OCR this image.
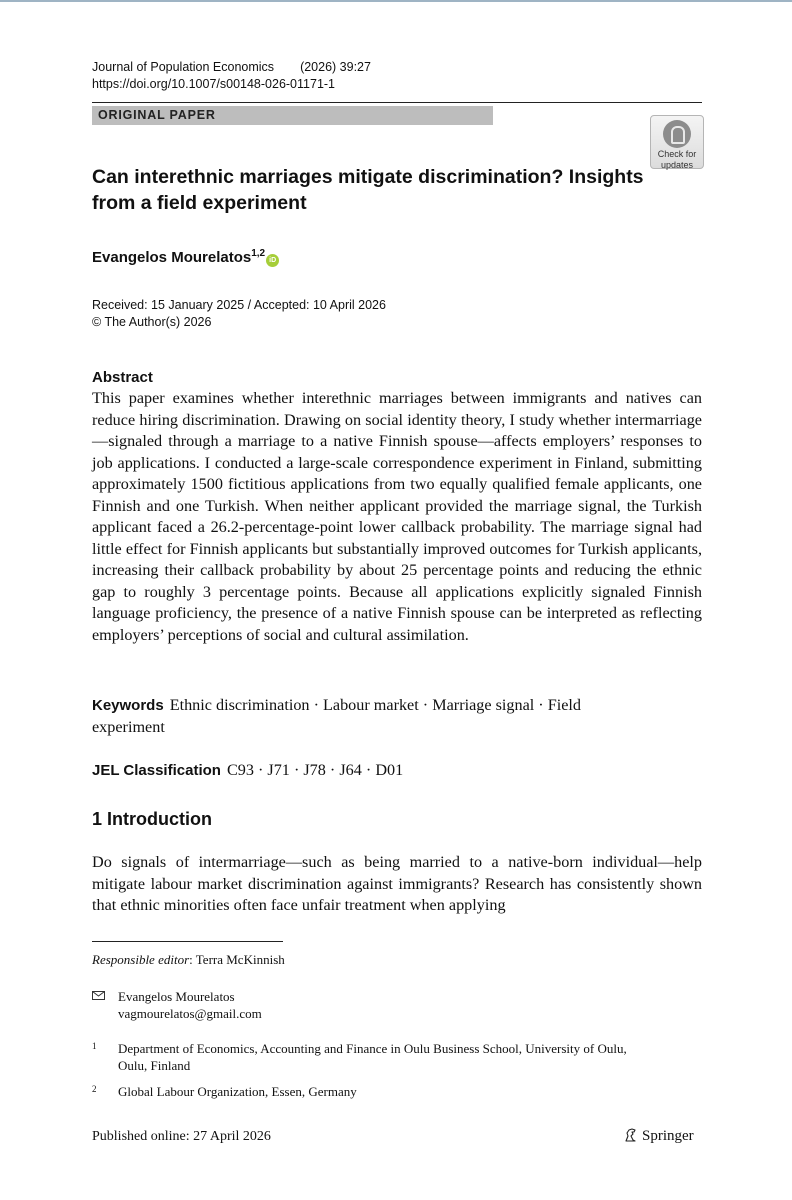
Journal of Population Economics (2026) 39:27
https://doi.org/10.1007/s00148-026-01171-1
ORIGINAL PAPER
Check for
updates
Can interethnic marriages mitigate discrimination? Insights from a field experiment
Evangelos Mourelatos$^{1,2}$iD
Received: 15 January 2025 / Accepted: 10 April 2026
© The Author(s) 2026
Abstract
This paper examines whether interethnic marriages between immigrants and natives can reduce hiring discrimination. Drawing on social identity theory, I study whether intermarriage—signaled through a marriage to a native Finnish spouse—affects employers’ responses to job applications. I conducted a large-scale correspondence experiment in Finland, submitting approximately 1500 fictitious applications from two equally qualified female applicants, one Finnish and one Turkish. When neither applicant provided the marriage signal, the Turkish applicant faced a 26.2-percentage-point lower callback probability. The marriage signal had little effect for Finnish applicants but substantially improved outcomes for Turkish applicants, increasing their callback probability by about 25 percentage points and reducing the ethnic gap to roughly 3 percentage points. Because all applications explicitly signaled Finnish language proficiency, the presence of a native Finnish spouse can be interpreted as reflecting employers’ perceptions of social and cultural assimilation.
Keywords Ethnic discrimination · Labour market · Marriage signal · Field experiment
JEL Classification C93 · J71 · J78 · J64 · D01
1 Introduction
Do signals of intermarriage—such as being married to a native-born individual—help mitigate labour market discrimination against immigrants? Research has consistently shown that ethnic minorities often face unfair treatment when applying
Responsible editor: Terra McKinnish
Evangelos Mourelatos
vagmourelatos@gmail.com
1 Department of Economics, Accounting and Finance in Oulu Business School, University of Oulu, Oulu, Finland
2 Global Labour Organization, Essen, Germany
Published online: 27 April 2026	Springer
